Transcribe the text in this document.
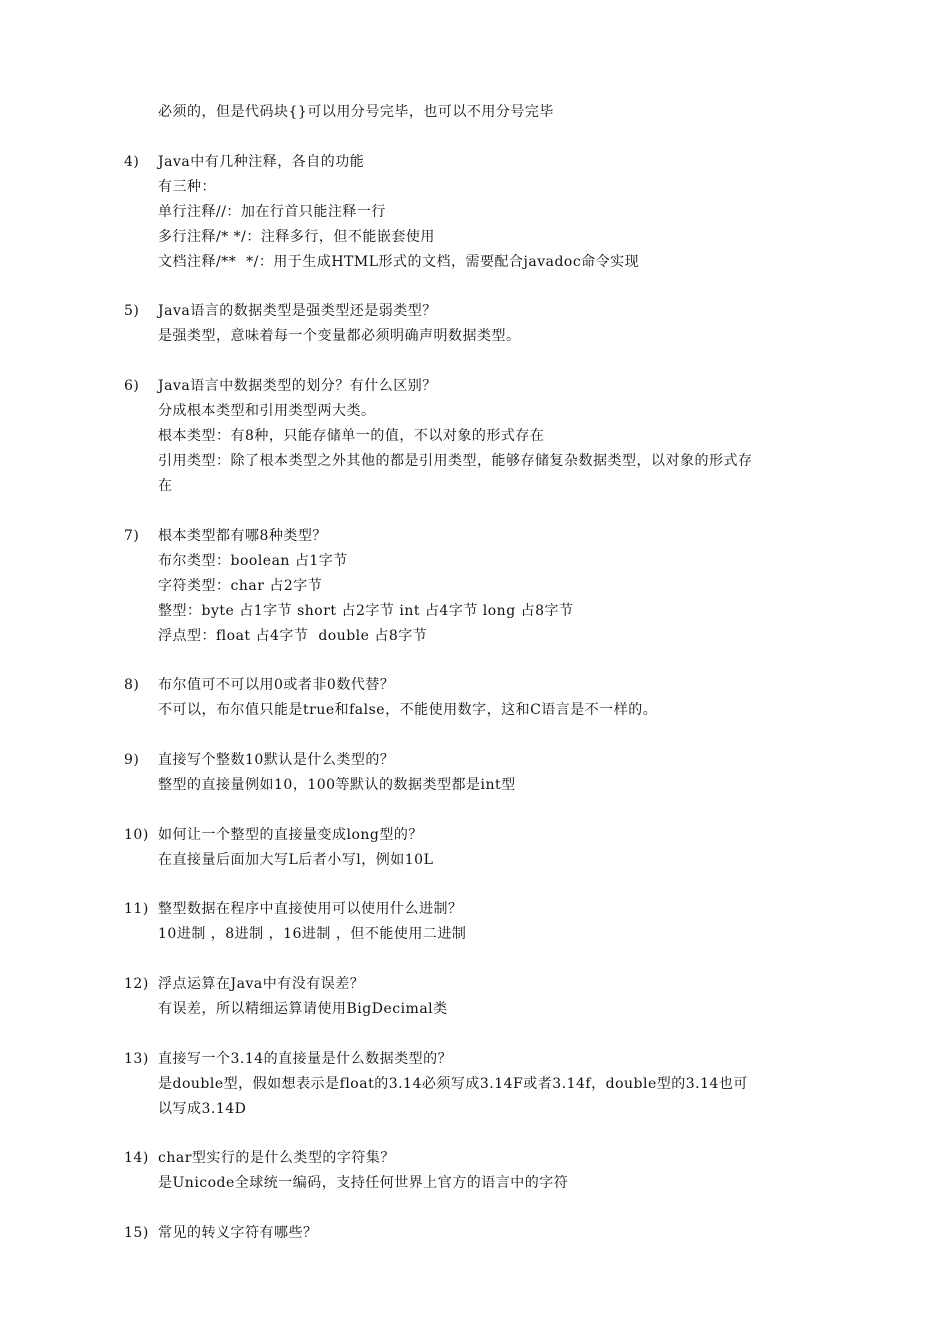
必须的，但是代码块{}可以用分号完毕，也可以不用分号完毕
4) Java中有几种注释，各自的功能
有三种：
单行注释//：加在行首只能注释一行
多行注释/* */：注释多行，但不能嵌套使用
文档注释/**  */：用于生成HTML形式的文档，需要配合javadoc命令实现
5) Java语言的数据类型是强类型还是弱类型？
是强类型，意味着每一个变量都必须明确声明数据类型。
6) Java语言中数据类型的划分？有什么区别？
分成根本类型和引用类型两大类。
根本类型：有8种，只能存储单一的值，不以对象的形式存在
引用类型：除了根本类型之外其他的都是引用类型，能够存储复杂数据类型，以对象的形式存
在
7) 根本类型都有哪8种类型？
布尔类型：boolean 占1字节
字符类型：char 占2字节
整型：byte 占1字节 short 占2字节 int 占4字节 long 占8字节
浮点型：float 占4字节  double 占8字节
8) 布尔值可不可以用0或者非0数代替？
不可以，布尔值只能是true和false，不能使用数字，这和C语言是不一样的。
9) 直接写个整数10默认是什么类型的？
整型的直接量例如10，100等默认的数据类型都是int型
10) 如何让一个整型的直接量变成long型的？
在直接量后面加大写L后者小写l，例如10L
11) 整型数据在程序中直接使用可以使用什么进制？
10进制 ，8进制 ，16进制 ，但不能使用二进制
12) 浮点运算在Java中有没有误差？
有误差，所以精细运算请使用BigDecimal类
13) 直接写一个3.14的直接量是什么数据类型的？
是double型，假如想表示是float的3.14必须写成3.14F或者3.14f，double型的3.14也可
以写成3.14D
14) char型实行的是什么类型的字符集？
是Unicode全球统一编码，支持任何世界上官方的语言中的字符
15) 常见的转义字符有哪些？
